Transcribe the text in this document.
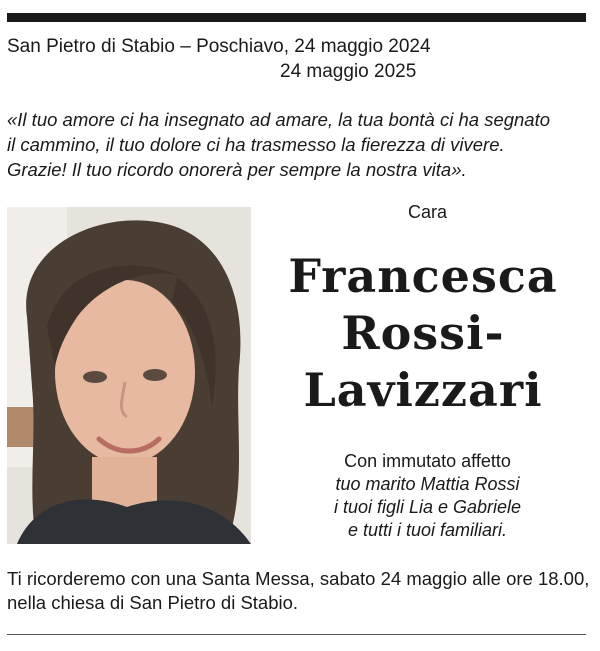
San Pietro di Stabio – Poschiavo, 24 maggio 2024
24 maggio 2025
«Il tuo amore ci ha insegnato ad amare, la tua bontà ci ha segnato
il cammino, il tuo dolore ci ha trasmesso la fierezza di vivere.
Grazie! Il tuo ricordo onorerà per sempre la nostra vita».
Cara
Francesca
Rossi-
Lavizzari
Con immutato affetto
tuo marito Mattia Rossi
i tuoi figli Lia e Gabriele
e tutti i tuoi familiari.
Ti ricorderemo con una Santa Messa, sabato 24 maggio alle ore 18.00,
nella chiesa di San Pietro di Stabio.
